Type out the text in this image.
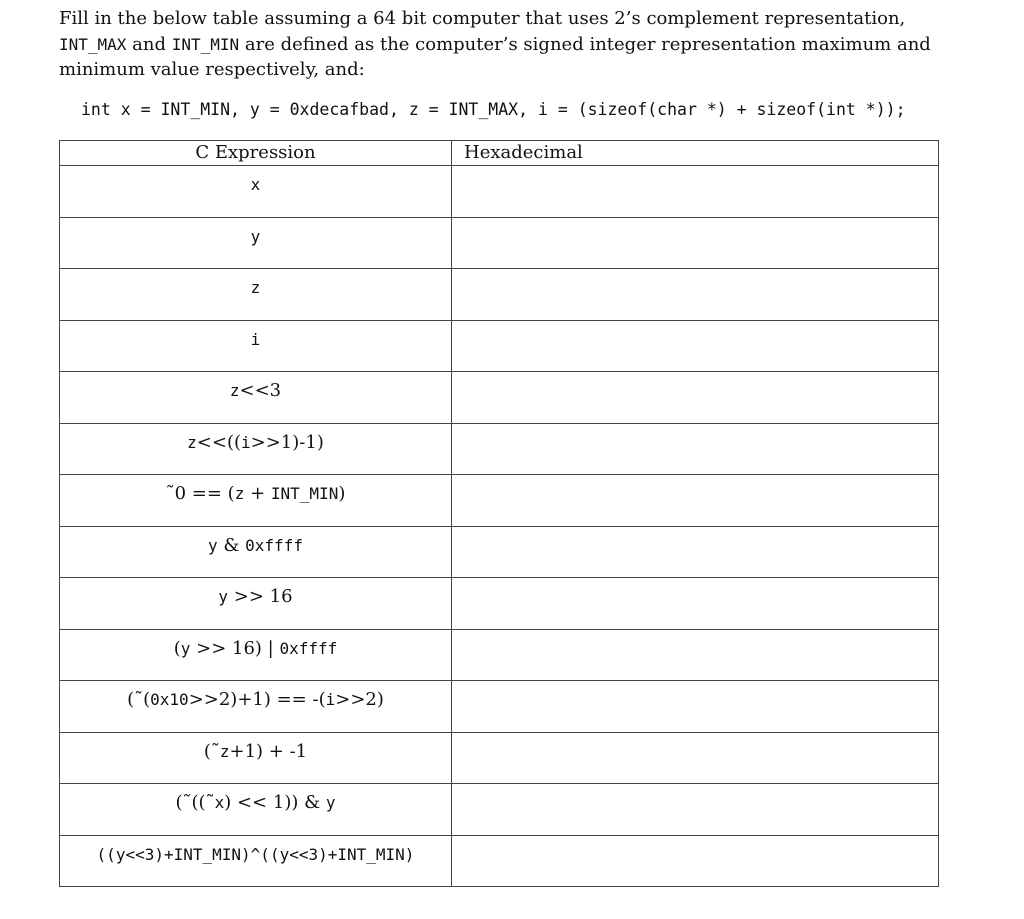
Fill in the below table assuming a 64 bit computer that uses 2’s complement representation, INT_MAX and INT_MIN are defined as the computer’s signed integer representation maximum and minimum value respectively, and:
int x = INT_MIN, y = 0xdecafbad, z = INT_MAX, i = (sizeof(char *) + sizeof(int *));
C Expression	Hexadecimal

x	

y	

z	

i	

z<<3	

z<<((i>>1)-1)	

˜0 == (z + INT_MIN)	

y & 0xffff	

y >> 16	

(y >> 16) | 0xffff	

(˜(0x10>>2)+1) == -(i>>2)	

(˜z+1) + -1	

(˜((˜x) << 1)) & y	

((y<<3)+INT_MIN)^((y<<3)+INT_MIN)	
